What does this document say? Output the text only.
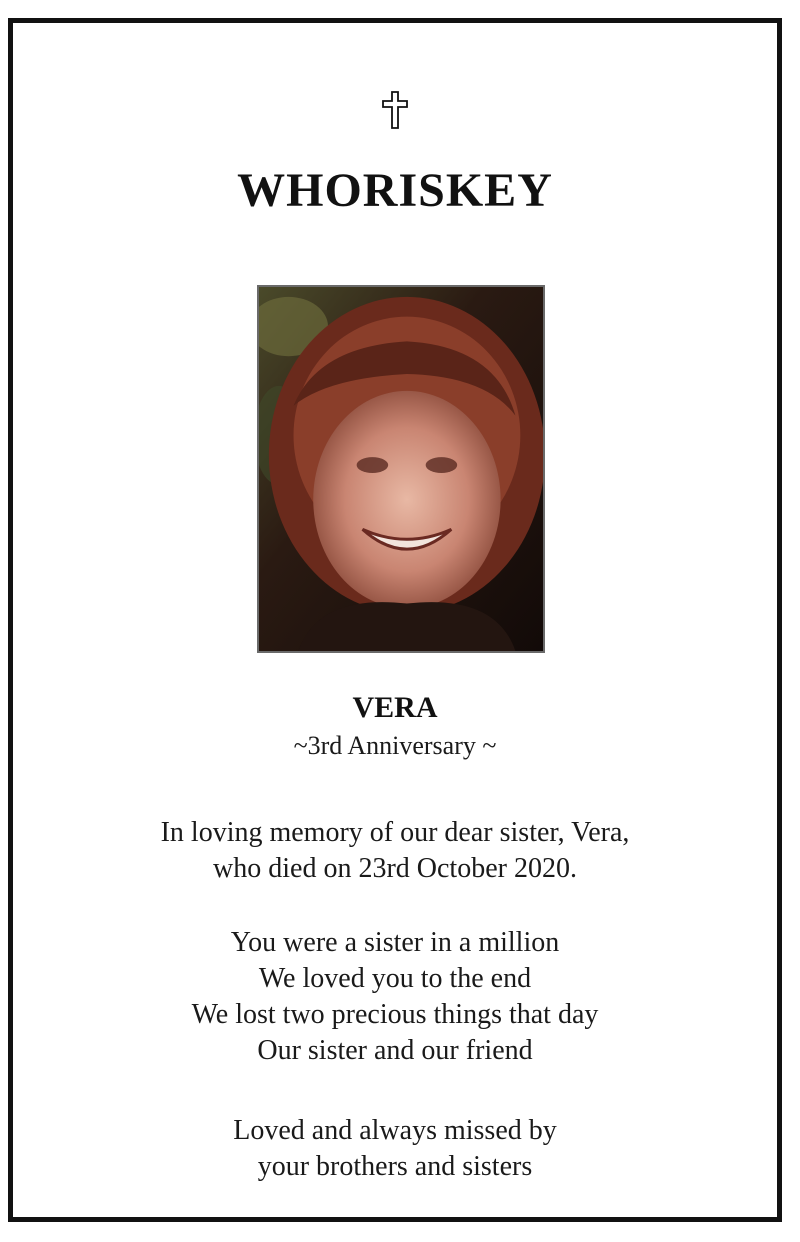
WHORISKEY
VERA
~3rd Anniversary ~
In loving memory of our dear sister, Vera,
who died on 23rd October 2020.
You were a sister in a million
We loved you to the end
We lost two precious things that day
Our sister and our friend
Loved and always missed by
your brothers and sisters
